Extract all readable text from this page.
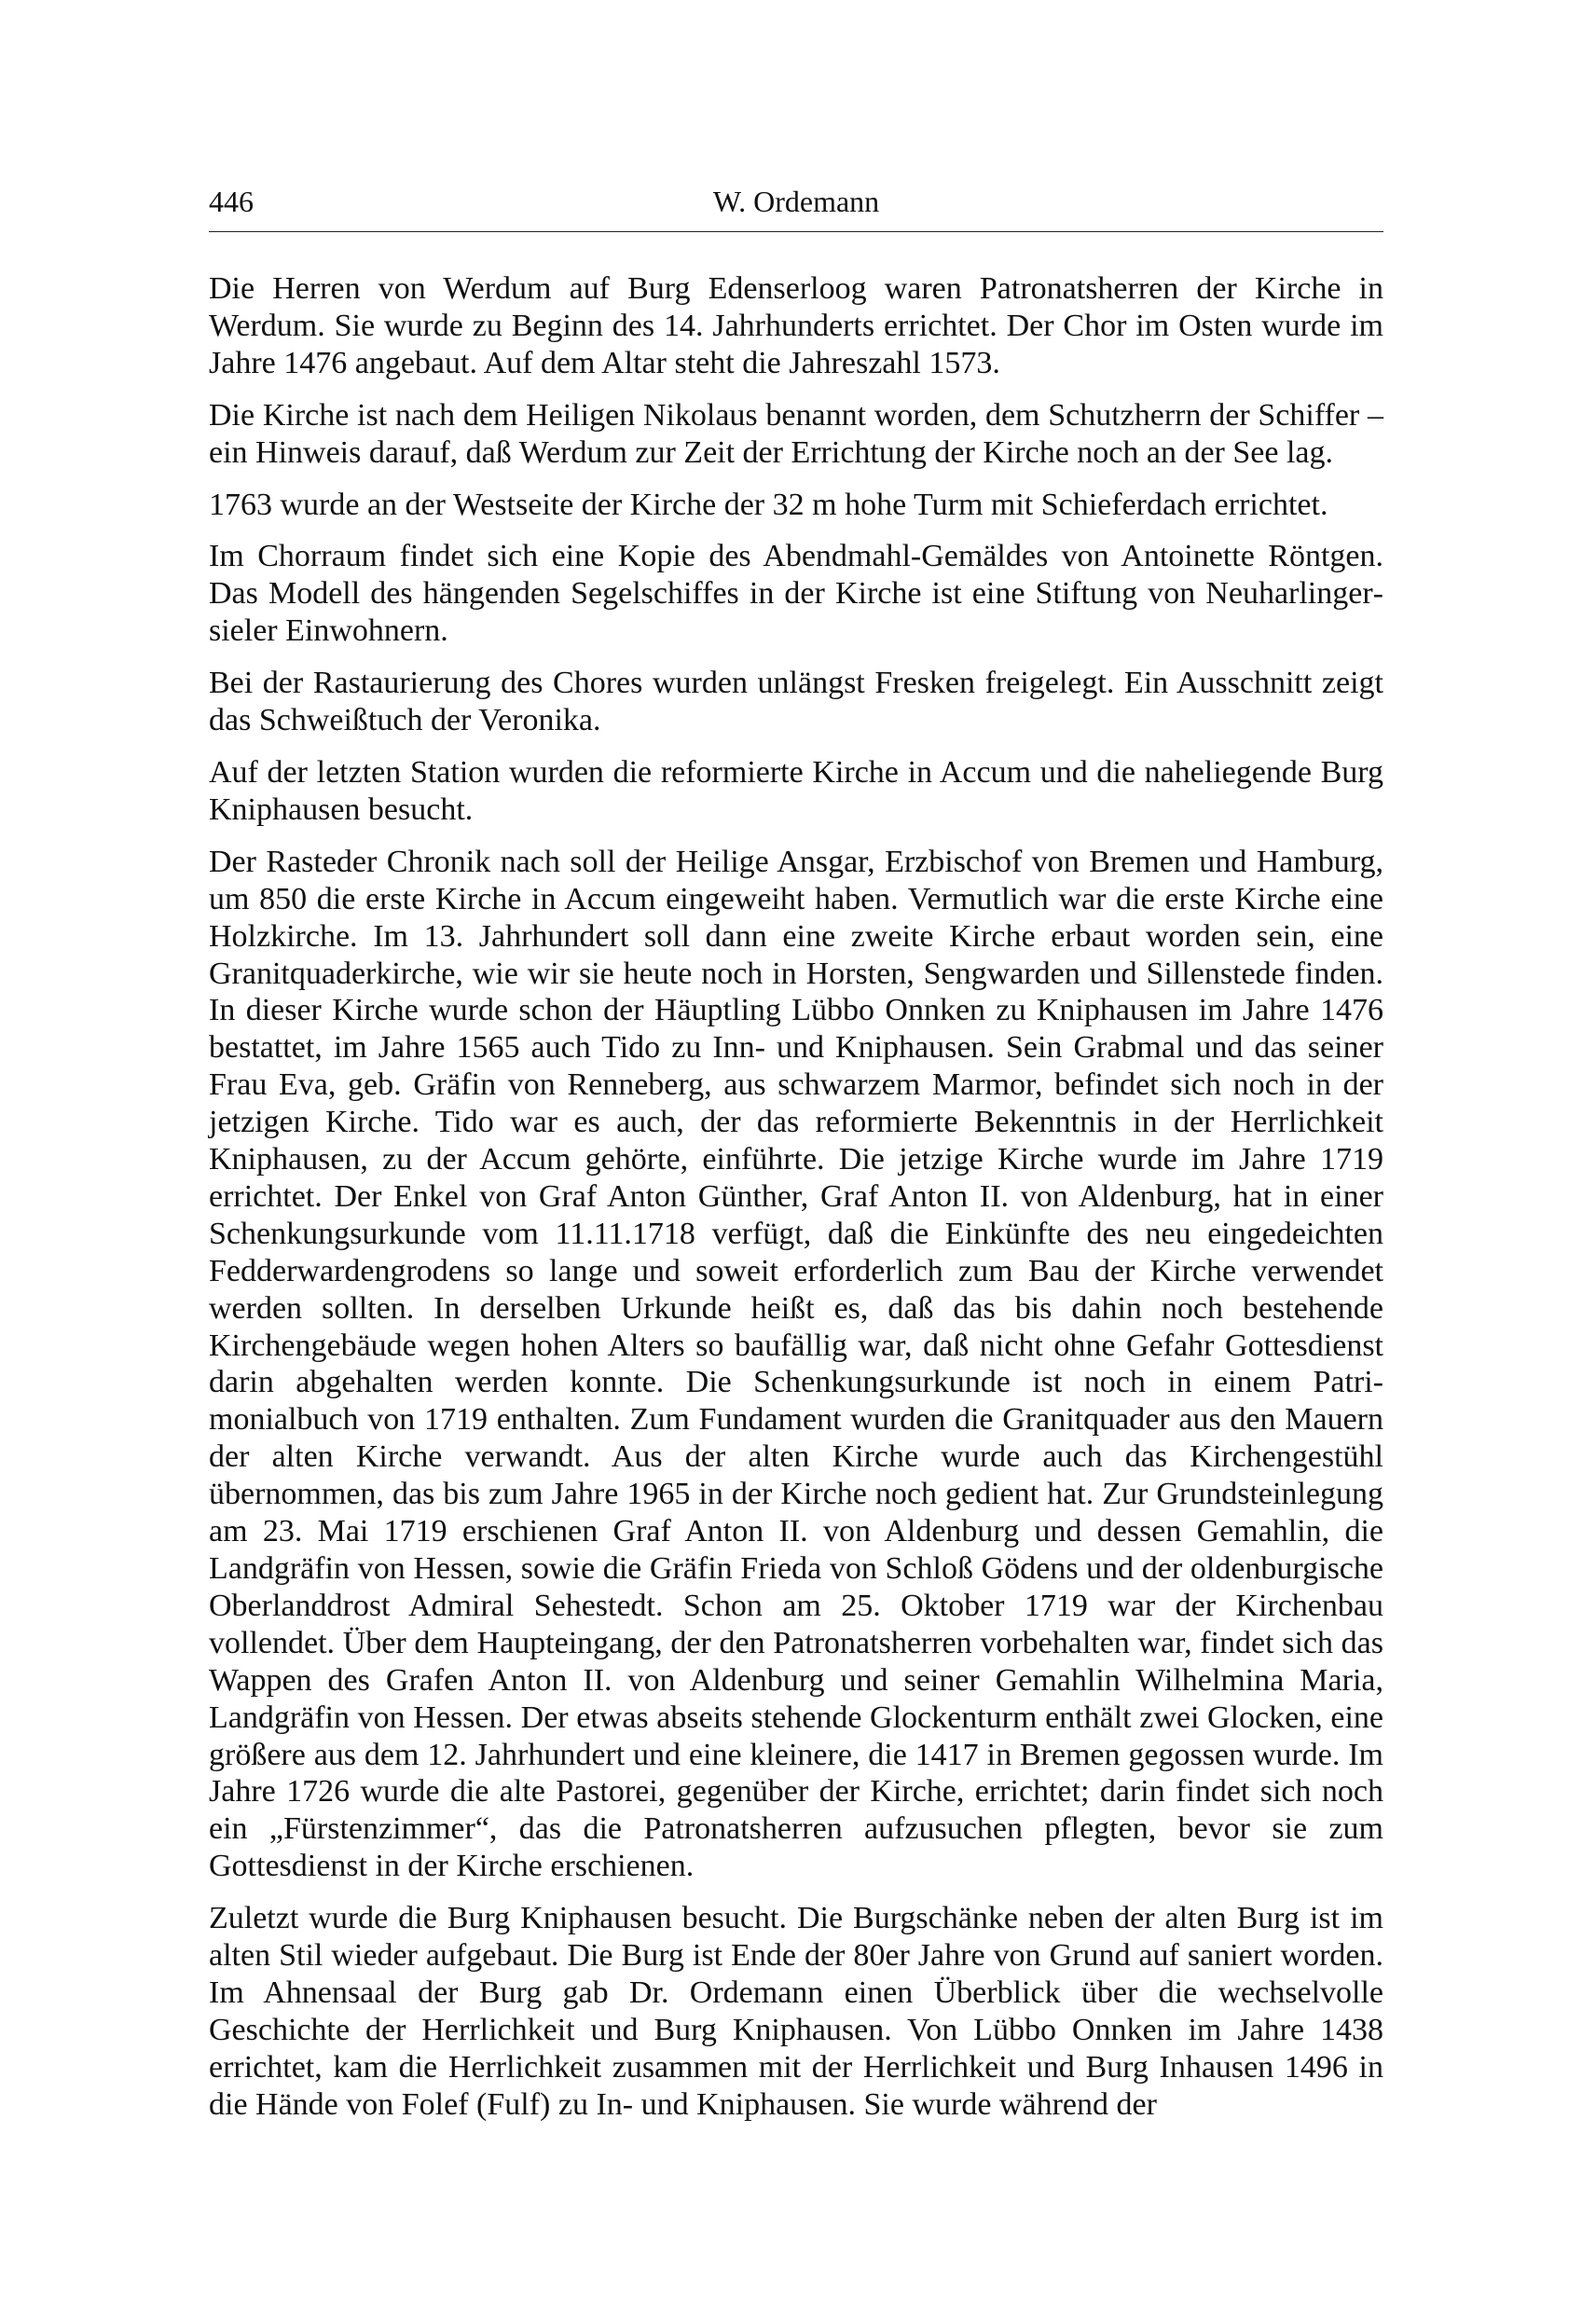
446	W. Ordemann

Die Herren von Werdum auf Burg Edenserloog waren Patronatsherren der Kirche in Werdum. Sie wurde zu Beginn des 14. Jahrhunderts errichtet. Der Chor im Osten wurde im Jahre 1476 angebaut. Auf dem Altar steht die Jahreszahl 1573.

Die Kirche ist nach dem Heiligen Nikolaus benannt worden, dem Schutzherrn der Schiffer – ein Hinweis darauf, daß Werdum zur Zeit der Errichtung der Kirche noch an der See lag.

1763 wurde an der Westseite der Kirche der 32 m hohe Turm mit Schieferdach errichtet.

Im Chorraum findet sich eine Kopie des Abendmahl-Gemäldes von Antoinette Röntgen. Das Modell des hängenden Segelschiffes in der Kirche ist eine Stiftung von Neuharlingersieler Einwohnern.

Bei der Rastaurierung des Chores wurden unlängst Fresken freigelegt. Ein Ausschnitt zeigt das Schweißtuch der Veronika.

Auf der letzten Station wurden die reformierte Kirche in Accum und die naheliegende Burg Kniphausen besucht.

Der Rasteder Chronik nach soll der Heilige Ansgar, Erzbischof von Bremen und Hamburg, um 850 die erste Kirche in Accum eingeweiht haben. Vermutlich war die erste Kirche eine Holzkirche. Im 13. Jahrhundert soll dann eine zweite Kirche erbaut worden sein, eine Granitquaderkirche, wie wir sie heute noch in Horsten, Sengwarden und Sillenstede finden. In dieser Kirche wurde schon der Häuptling Lübbo Onnken zu Kniphausen im Jahre 1476 bestattet, im Jahre 1565 auch Tido zu Inn- und Kniphausen. Sein Grabmal und das seiner Frau Eva, geb. Gräfin von Renneberg, aus schwarzem Marmor, befindet sich noch in der jetzigen Kirche. Tido war es auch, der das reformierte Bekenntnis in der Herrlichkeit Kniphausen, zu der Accum gehörte, einführte. Die jetzige Kirche wurde im Jahre 1719 errichtet. Der Enkel von Graf Anton Günther, Graf Anton II. von Aldenburg, hat in einer Schenkungsurkunde vom 11.11.1718 verfügt, daß die Einkünfte des neu eingedeichten Fedderwardengrodens so lange und soweit erforderlich zum Bau der Kirche verwendet werden sollten. In derselben Urkunde heißt es, daß das bis dahin noch bestehende Kirchengebäude wegen hohen Alters so baufällig war, daß nicht ohne Gefahr Gottesdienst darin abgehalten werden konnte. Die Schenkungsurkunde ist noch in einem Patrimonialbuch von 1719 enthalten. Zum Fundament wurden die Granitquader aus den Mauern der alten Kirche verwandt. Aus der alten Kirche wurde auch das Kirchengestühl übernommen, das bis zum Jahre 1965 in der Kirche noch gedient hat. Zur Grundsteinlegung am 23. Mai 1719 erschienen Graf Anton II. von Aldenburg und dessen Gemahlin, die Landgräfin von Hessen, sowie die Gräfin Frieda von Schloß Gödens und der oldenburgische Oberlanddrost Admiral Sehestedt. Schon am 25. Oktober 1719 war der Kirchenbau vollendet. Über dem Haupteingang, der den Patronatsherren vorbehalten war, findet sich das Wappen des Grafen Anton II. von Aldenburg und seiner Gemahlin Wilhelmina Maria, Landgräfin von Hessen. Der etwas abseits stehende Glockenturm enthält zwei Glocken, eine größere aus dem 12. Jahrhundert und eine kleinere, die 1417 in Bremen gegossen wurde. Im Jahre 1726 wurde die alte Pastorei, gegenüber der Kirche, errichtet; darin findet sich noch ein „Fürstenzimmer“, das die Patronatsherren aufzusuchen pflegten, bevor sie zum Gottesdienst in der Kirche erschienen.

Zuletzt wurde die Burg Kniphausen besucht. Die Burgschänke neben der alten Burg ist im alten Stil wieder aufgebaut. Die Burg ist Ende der 80er Jahre von Grund auf saniert worden. Im Ahnensaal der Burg gab Dr. Ordemann einen Überblick über die wechselvolle Geschichte der Herrlichkeit und Burg Kniphausen. Von Lübbo Onnken im Jahre 1438 errichtet, kam die Herrlichkeit zusammen mit der Herrlichkeit und Burg Inhausen 1496 in die Hände von Folef (Fulf) zu In- und Kniphausen. Sie wurde während der
